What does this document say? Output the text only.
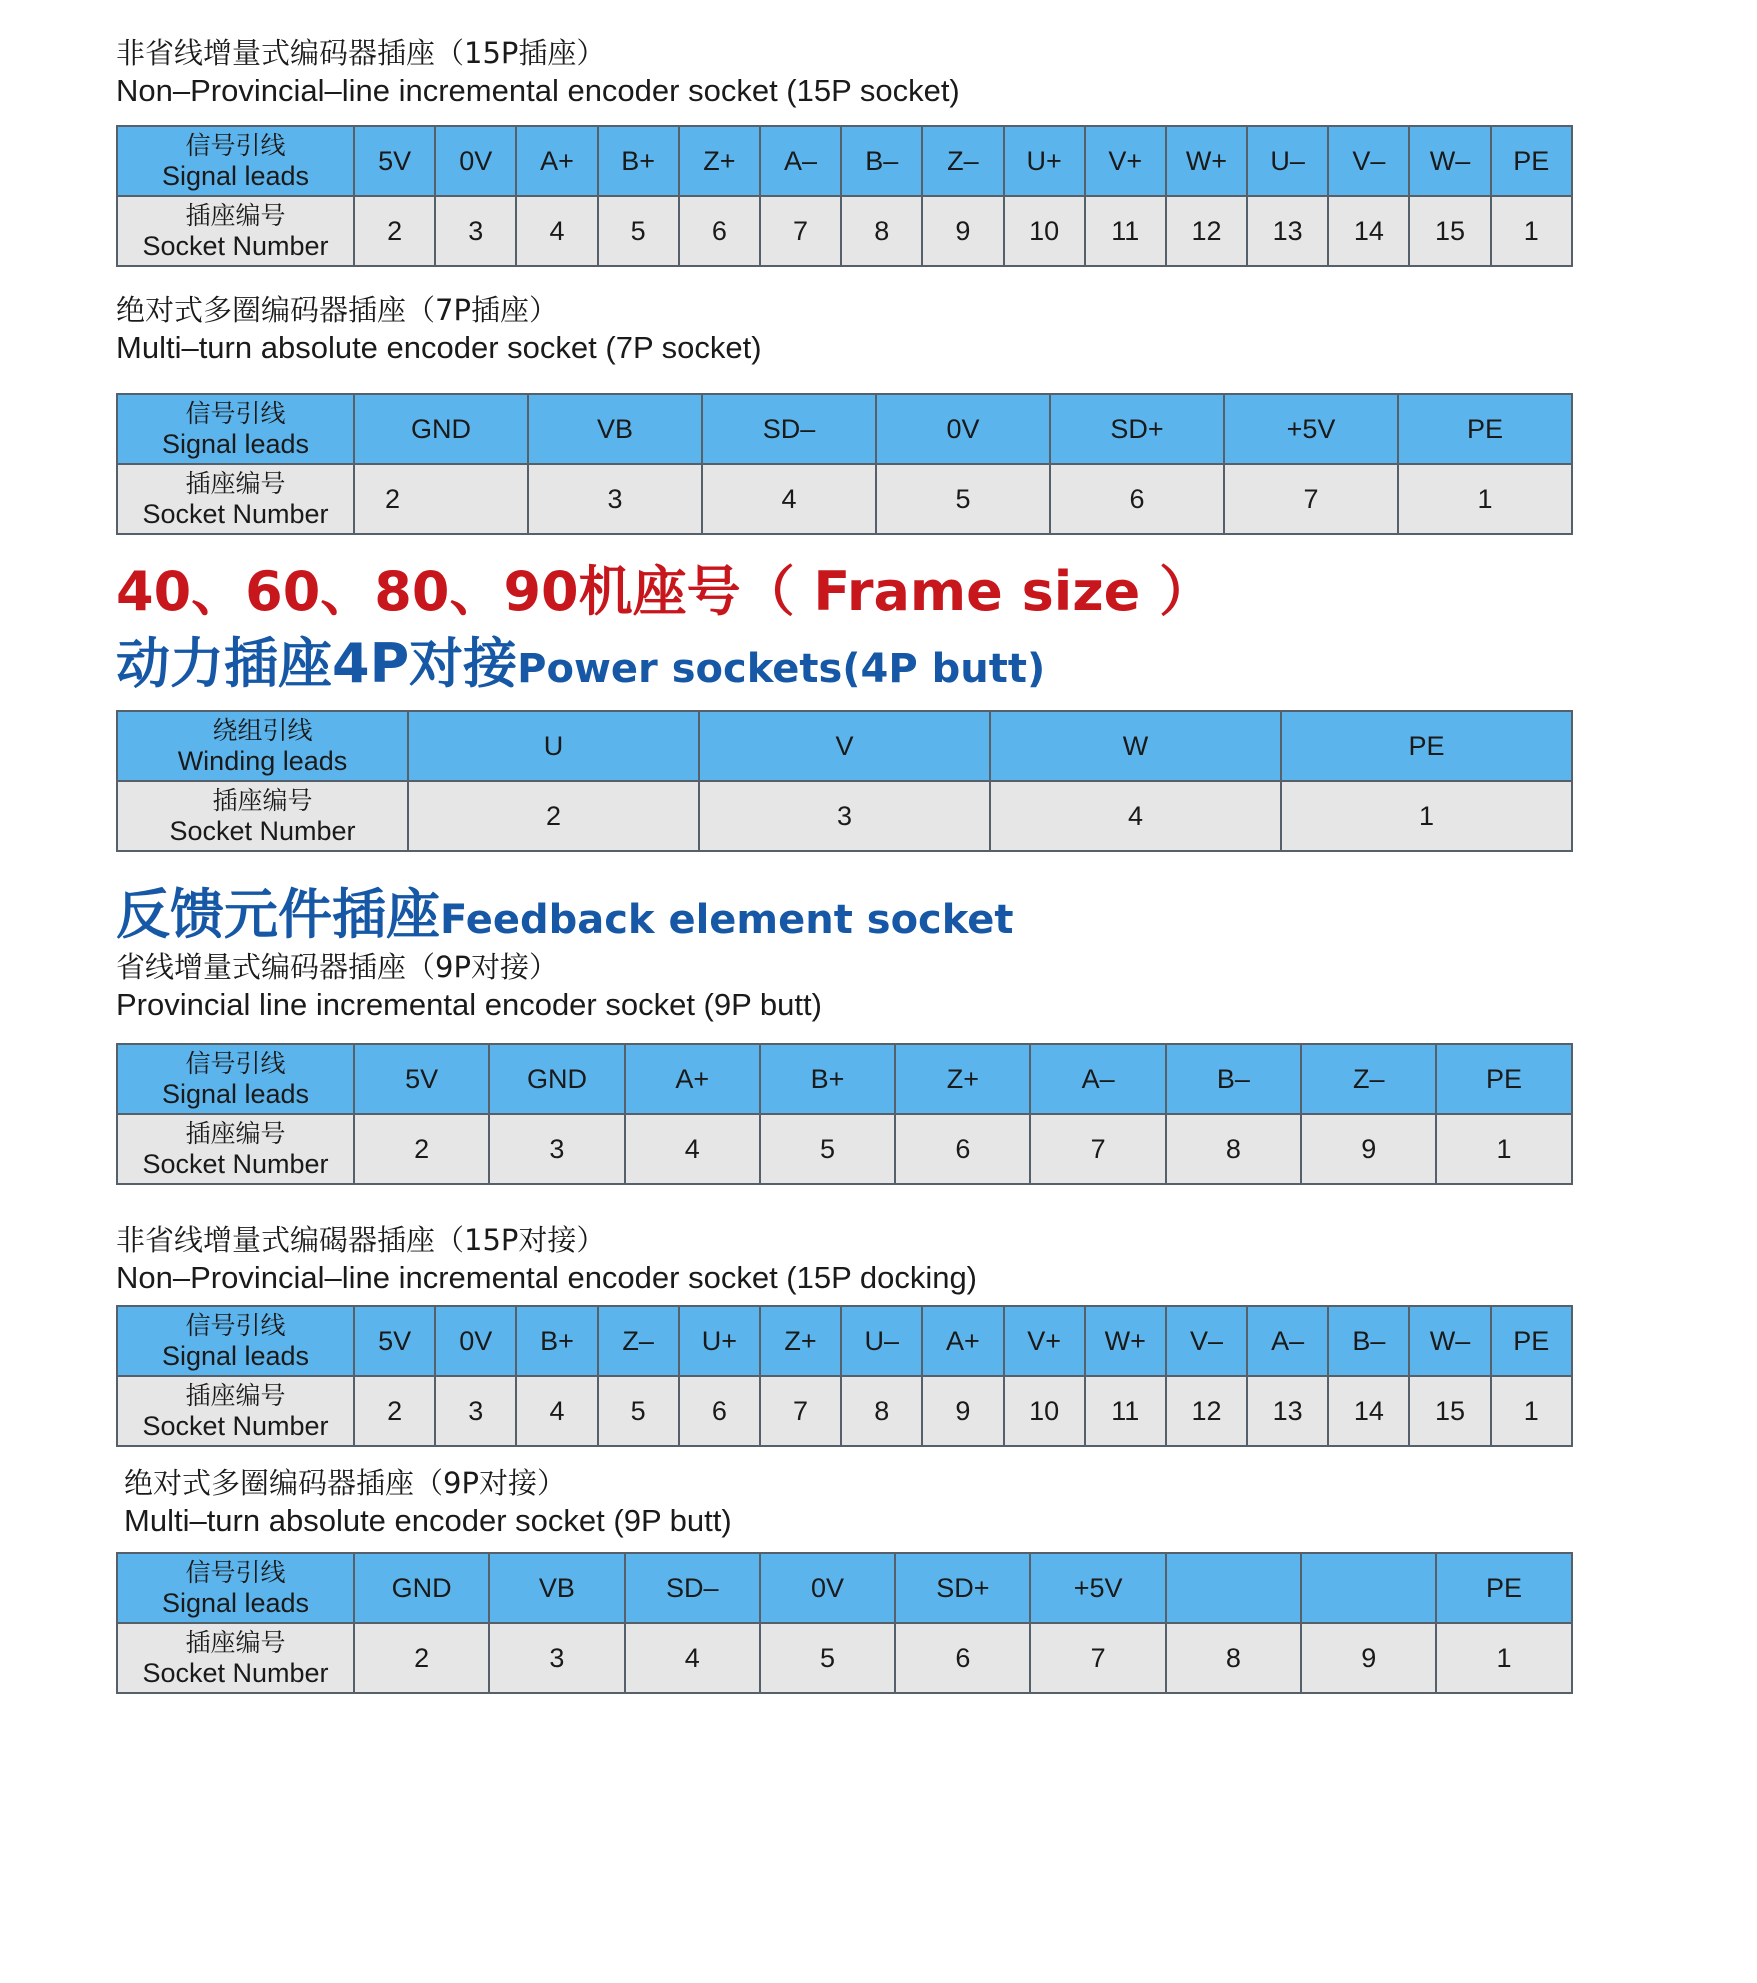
非省线增量式编码器插座（15P插座）
Non–Provincial–line incremental encoder socket (15P socket)
信号引线
Signal leads	5V	0V	A+	B+	Z+	A–	B–	Z–	U+	V+	W+	U–	V–	W–	PE

插座编号
Socket Number	2	3	4	5	6	7	8	9	10	11	12	13	14	15	1
绝对式多圈编码器插座（7P插座）
Multi–turn absolute encoder socket (7P socket)
信号引线
Signal leads	GND	VB	SD–	0V	SD+	+5V	PE

插座编号
Socket Number	2	3	4	5	6	7	1
40、60、80、90机座号（ Frame size ）
动力插座4P对接Power sockets(4P butt)
绕组引线
Winding leads	U	V	W	PE

插座编号
Socket Number	2	3	4	1
反馈元件插座Feedback element socket
省线增量式编码器插座（9P对接）
Provincial line incremental encoder socket (9P butt)
信号引线
Signal leads	5V	GND	A+	B+	Z+	A–	B–	Z–	PE

插座编号
Socket Number	2	3	4	5	6	7	8	9	1
非省线增量式编碣器插座（15P对接）
Non–Provincial–line incremental encoder socket (15P docking)
信号引线
Signal leads	5V	0V	B+	Z–	U+	Z+	U–	A+	V+	W+	V–	A–	B–	W–	PE

插座编号
Socket Number	2	3	4	5	6	7	8	9	10	11	12	13	14	15	1
绝对式多圈编码器插座（9P对接）
Multi–turn absolute encoder socket (9P butt)
信号引线
Signal leads	GND	VB	SD–	0V	SD+	+5V			PE

插座编号
Socket Number	2	3	4	5	6	7	8	9	1
